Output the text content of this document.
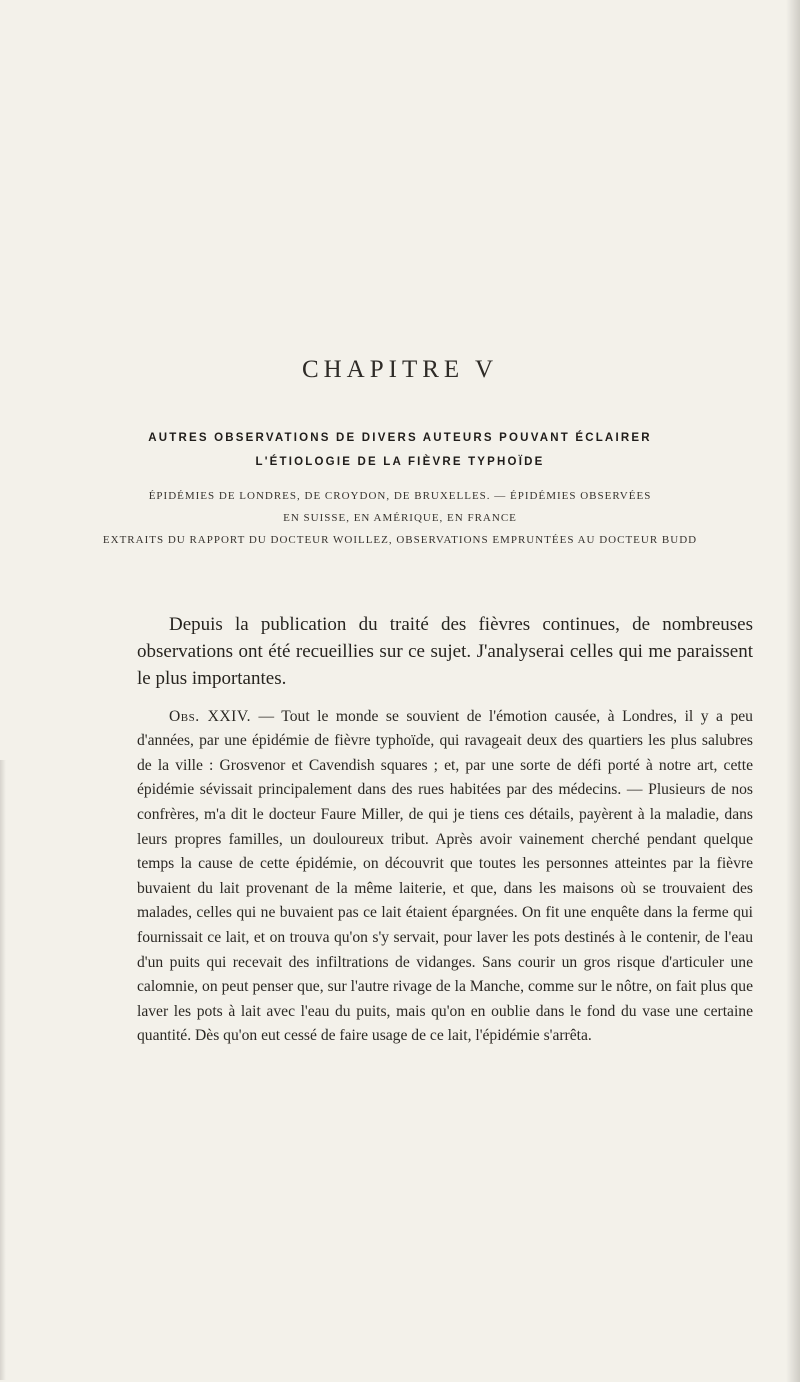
CHAPITRE V
AUTRES OBSERVATIONS DE DIVERS AUTEURS POUVANT ÉCLAIRER
L'ÉTIOLOGIE DE LA FIÈVRE TYPHOÏDE
ÉPIDÉMIES DE LONDRES, DE CROYDON, DE BRUXELLES. — ÉPIDÉMIES OBSERVÉES
EN SUISSE, EN AMÉRIQUE, EN FRANCE
EXTRAITS DU RAPPORT DU DOCTEUR WOILLEZ, OBSERVATIONS EMPRUNTÉES AU DOCTEUR BUDD

Depuis la publication du traité des fièvres continues, de nombreuses observations ont été recueillies sur ce sujet. J'analyserai celles qui me paraissent le plus importantes.

Obs. XXIV. — Tout le monde se souvient de l'émotion causée, à Londres, il y a peu d'années, par une épidémie de fièvre typhoïde, qui ravageait deux des quartiers les plus salubres de la ville : Grosvenor et Cavendish squares ; et, par une sorte de défi porté à notre art, cette épidémie sévissait principalement dans des rues habitées par des médecins. — Plusieurs de nos confrères, m'a dit le docteur Faure Miller, de qui je tiens ces détails, payèrent à la maladie, dans leurs propres familles, un douloureux tribut. Après avoir vainement cherché pendant quelque temps la cause de cette épidémie, on découvrit que toutes les personnes atteintes par la fièvre buvaient du lait provenant de la même laiterie, et que, dans les maisons où se trouvaient des malades, celles qui ne buvaient pas ce lait étaient épargnées. On fit une enquête dans la ferme qui fournissait ce lait, et on trouva qu'on s'y servait, pour laver les pots destinés à le contenir, de l'eau d'un puits qui recevait des infiltrations de vidanges. Sans courir un gros risque d'articuler une calomnie, on peut penser que, sur l'autre rivage de la Manche, comme sur le nôtre, on fait plus que laver les pots à lait avec l'eau du puits, mais qu'on en oublie dans le fond du vase une certaine quantité. Dès qu'on eut cessé de faire usage de ce lait, l'épidémie s'arrêta.
